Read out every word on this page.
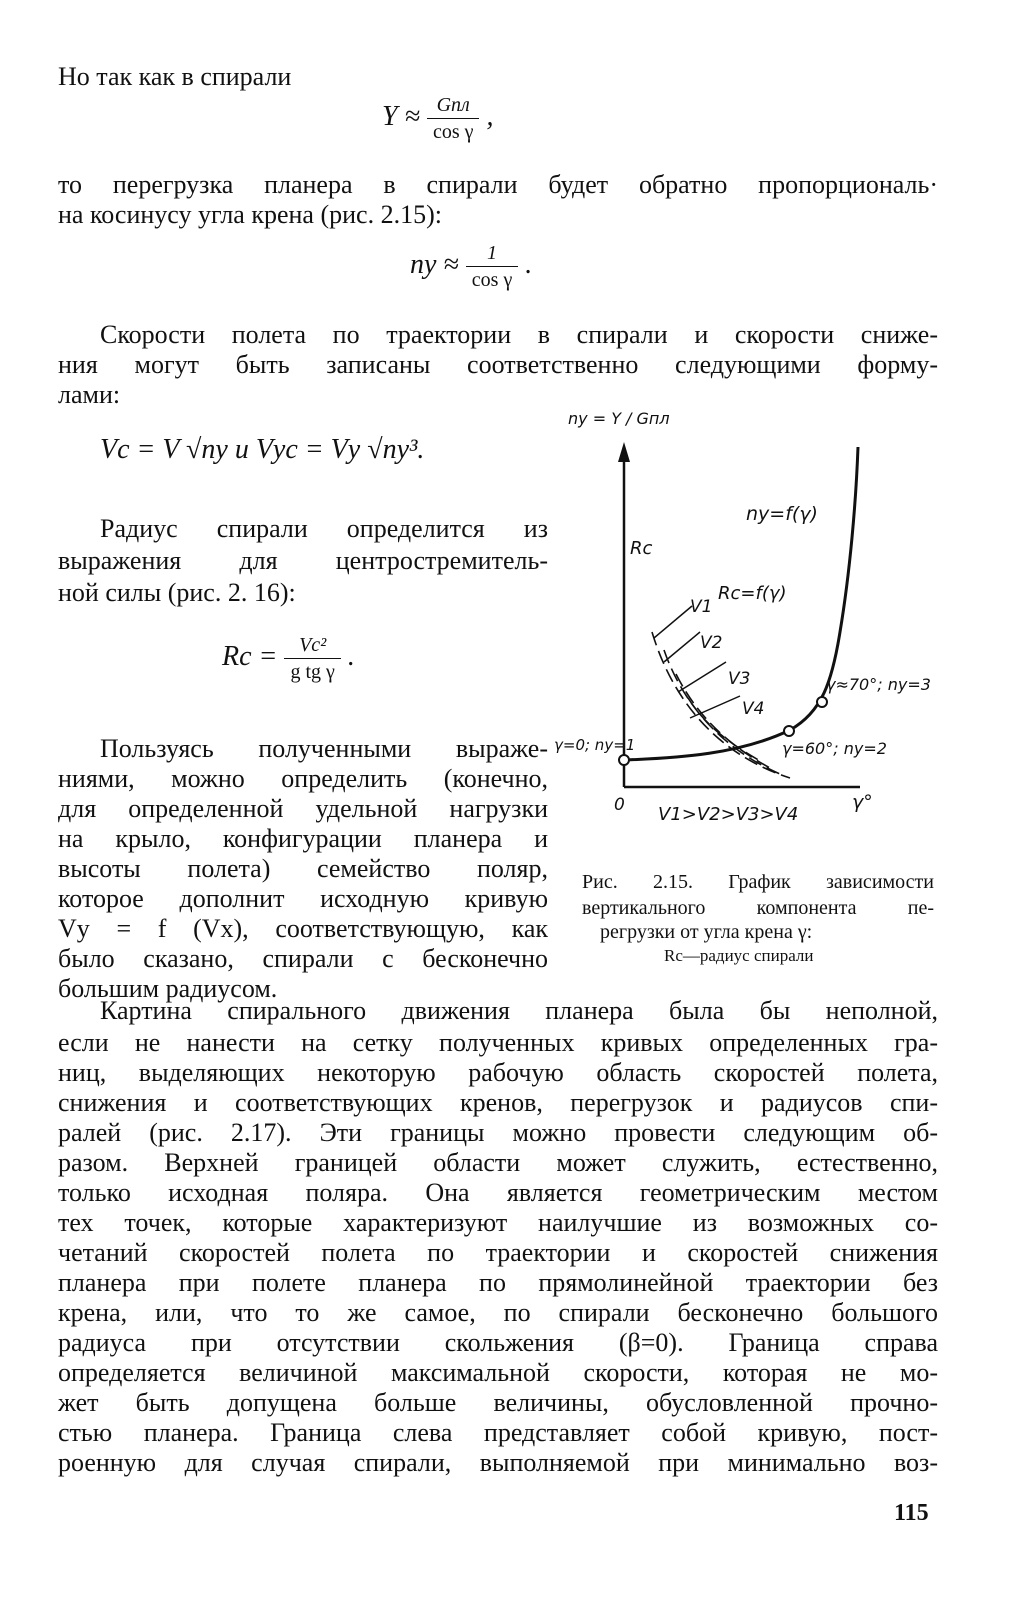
Но так как в спирали
$Y \approx \frac{\text{Gпл}}{\text{cos γ}}$ ,
то перегрузка планера в спирали будет обратно пропорциональ·
на косинусу угла крена (рис. 2.15):
nу ≈ $\frac{1}{\text{cos γ}}$ .
Скорости полета по траектории в спирали и скорости сниже-
ния могут быть записаны соответственно следующими форму-
лами:
Vс = V √nу и Vус = Vу √nу³.
Радиус спирали определится из
выражения для центростремитель-
ной силы (рис. 2. 16):
Rс = $\frac{\text{Vс²}}{\text{g tg γ}}$ .
Пользуясь полученными выраже-
ниями, можно определить (конечно,
для определенной удельной нагрузки
на крыло, конфигурации планера и
высоты полета) семейство поляр,
которое дополнит исходную кривую
Vу = f (Vх), соответствующую, как
было сказано, спирали с бесконечно
большим радиусом.
ny = Y / Gпл
Rc
ny=f(γ)
γ=0; ny=1	γ=60°; ny=2
γ≈70°; ny=3
Rc=f(γ)
V1
V2
V3
V4
0	γ°
V1>V2>V3>V4
Рис. 2.15. График зависимости
вертикального компонента пе-
регрузки от угла крена γ:
Rс—радиус спирали
Картина спирального движения планера была бы неполной,
если не нанести на сетку полученных кривых определенных гра-
ниц, выделяющих некоторую рабочую область скоростей полета,
снижения и соответствующих кренов, перегрузок и радиусов спи-
ралей (рис. 2.17). Эти границы можно провести следующим об-
разом. Верхней границей области может служить, естественно,
только исходная поляра. Она является геометрическим местом
тех точек, которые характеризуют наилучшие из возможных со-
четаний скоростей полета по траектории и скоростей снижения
планера при полете планера по прямолинейной траектории без
крена, или, что то же самое, по спирали бесконечно большого
радиуса при отсутствии скольжения (β=0). Граница справа
определяется величиной максимальной скорости, которая не мо-
жет быть допущена больше величины, обусловленной прочно-
стью планера. Граница слева представляет собой кривую, пост-
роенную для случая спирали, выполняемой при минимально воз-
115
